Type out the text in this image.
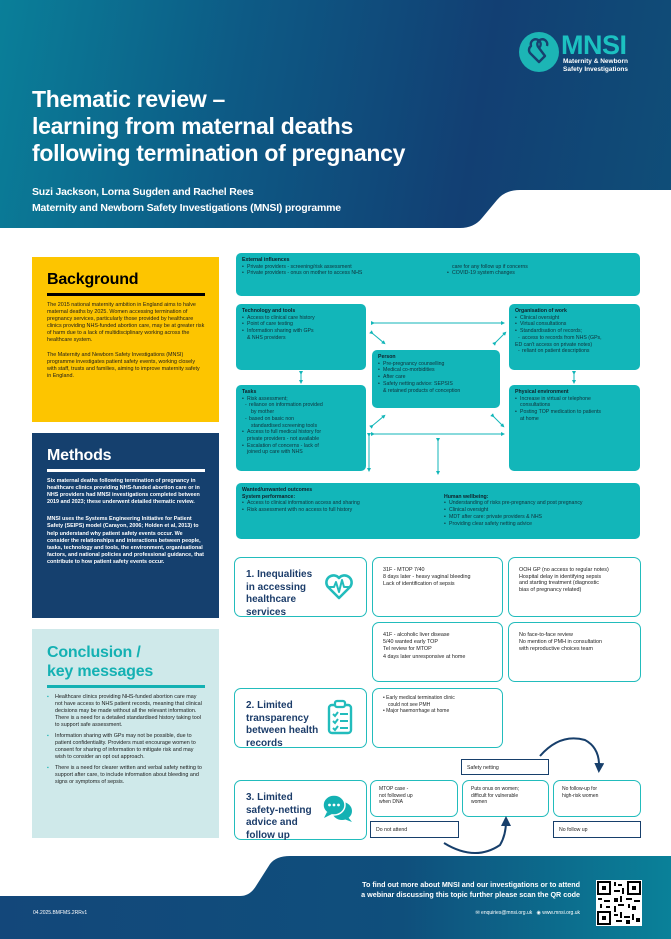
MNSI
Maternity & Newborn
Safety Investigations
Thematic review –
learning from maternal deaths
following termination of pregnancy
Suzi Jackson, Lorna Sugden and Rachel Rees
Maternity and Newborn Safety Investigations (MNSI) programme
Background

The 2015 national maternity ambition in England aims to halve maternal deaths by 2025. Women accessing termination of pregnancy services, particularly those provided by healthcare clinics providing NHS-funded abortion care, may be at greater risk of harm due to a lack of multidisciplinary working across the healthcare system.

The Maternity and Newborn Safety Investigations (MNSI) programme investigates patient safety events, working closely with staff, trusts and families, aiming to improve maternity safety in England.

Methods

Six maternal deaths following termination of pregnancy in healthcare clinics providing NHS-funded abortion care or in NHS providers had MNSI investigations completed between 2019 and 2023; these underwent detailed thematic review.

MNSI uses the Systems Engineering Initiative for Patient Safety (SEIPS) model (Carayon, 2006; Holden et al, 2013) to help understand why patient safety events occur. We consider the relationships and interactions between people, tasks, technology and tools, the environment, organisational factors, and national policies and professional guidance, that contribute to how patient safety events occur.

Conclusion /
key messages
▪ Healthcare clinics providing NHS-funded abortion care may not have access to NHS patient records, meaning that clinical decisions may be made without all the relevant information. There is a need for a detailed standardised history taking tool to support safe assessment.
▪ Information sharing with GPs may not be possible, due to patient confidentiality. Providers must encourage women to consent for sharing of information to mitigate risk and may wish to consider an opt out approach.
▪ There is a need for clearer written and verbal safety netting to support after care, to include information about bleeding and signs or symptoms of sepsis.
External influences
• Private providers - screening/risk assessment
• Private providers - onus on mother to access NHS
care for any follow up if concerns
• COVID-19 system changes
Technology and tools
• Access to clinical care history
• Point of care testing
• Information sharing with GPs
& NHS providers
Person
• Pre-pregnancy counselling
• Medical co-morbidities
• After care
• Safety netting advice: SEPSIS
& retained products of conception
Organisation of work
• Clinical oversight
• Virtual consultations
• Standardisation of records;
- access to records from NHS (GPs,
ED can't access on private notes)
- reliant on patient descriptions
Tasks
• Risk assessment;
- reliance on information provided
by mother
- based on basic non
standardised screening tools
• Access to full medical history for
private providers - not available
• Escalation of concerns - lack of
joined up care with NHS
Physical environment
• Increase in virtual or telephone
consultations
• Posting TOP medication to patients
at home
Wanted/unwanted outcomes
System performance:
• Access to clinical information access and sharing
• Risk assessment with no access to full history
Human wellbeing:
• Understanding of risks pre-pregnancy and post pregnancy
• Clinical oversight
• MDT after care: private providers & NHS
• Providing clear safety netting advice
1. Inequalities
in accessing
healthcare
services
31F - MTOP 7/40
8 days later - heavy vaginal bleeding
Lack of identification of sepsis
OOH GP (no access to regular notes)
Hospital delay in identifying sepsis
and starting treatment (diagnostic
bias of pregnancy related)
41F - alcoholic liver disease
5/40 wanted early TOP
Tel review for MTOP
4 days later unresponsive at home
No face-to-face review
No mention of PMH in consultation
with reproductive choices team
2. Limited
transparency
between health
records
• Early medical termination clinic
could not see PMH
• Major haemorrhage at home
3. Limited
safety-netting
advice and
follow up
MTOP case -
not followed up
when DNA
Puts onus on women;
difficult for vulnerable
women
No follow-up for
high-risk women
Do not attend
Safety netting
No follow up
To find out more about MNSI and our investigations or to attend
a webinar discussing this topic further please scan the QR code
✉ enquiries@mnsi.org.uk ◉ www.mnsi.org.uk
04.2025.BMFMS.2RRv1
